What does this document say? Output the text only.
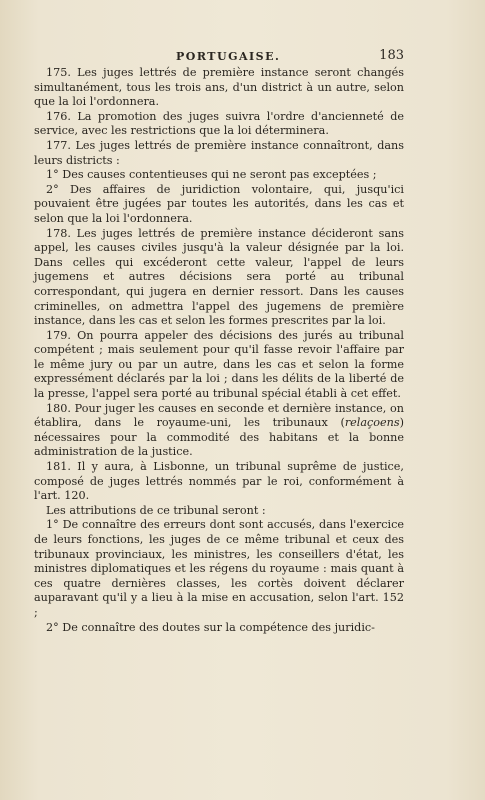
PORTUGAISE.	183

175. Les juges lettrés de première instance seront changés simultanément, tous les trois ans, d'un district à un autre, selon que la loi l'ordonnera.

176. La promotion des juges suivra l'ordre d'ancienneté de service, avec les restrictions que la loi déterminera.

177. Les juges lettrés de première instance connaîtront, dans leurs districts :

1° Des causes contentieuses qui ne seront pas exceptées ;

2° Des affaires de juridiction volontaire, qui, jusqu'ici pouvaient être jugées par toutes les autorités, dans les cas et selon que la loi l'ordonnera.

178. Les juges lettrés de première instance décideront sans appel, les causes civiles jusqu'à la valeur désignée par la loi. Dans celles qui excéderont cette valeur, l'appel de leurs jugemens et autres décisions sera porté au tribunal correspondant, qui jugera en dernier ressort. Dans les causes criminelles, on admettra l'appel des jugemens de première instance, dans les cas et selon les formes prescrites par la loi.

179. On pourra appeler des décisions des jurés au tribunal compétent ; mais seulement pour qu'il fasse revoir l'affaire par le même jury ou par un autre, dans les cas et selon la forme expressément déclarés par la loi ; dans les délits de la liberté de la presse, l'appel sera porté au tribunal spécial établi à cet effet.

180. Pour juger les causes en seconde et dernière instance, on établira, dans le royaume-uni, les tribunaux (relaçoens) nécessaires pour la commodité des habitans et la bonne administration de la justice.

181. Il y aura, à Lisbonne, un tribunal suprême de justice, composé de juges lettrés nommés par le roi, conformément à l'art. 120.

Les attributions de ce tribunal seront :

1° De connaître des erreurs dont sont accusés, dans l'exercice de leurs fonctions, les juges de ce même tribunal et ceux des tribunaux provinciaux, les ministres, les conseillers d'état, les ministres diplomatiques et les régens du royaume : mais quant à ces quatre dernières classes, les cortès doivent déclarer auparavant qu'il y a lieu à la mise en accusation, selon l'art. 152 ;

2° De connaître des doutes sur la compétence des juridic-
